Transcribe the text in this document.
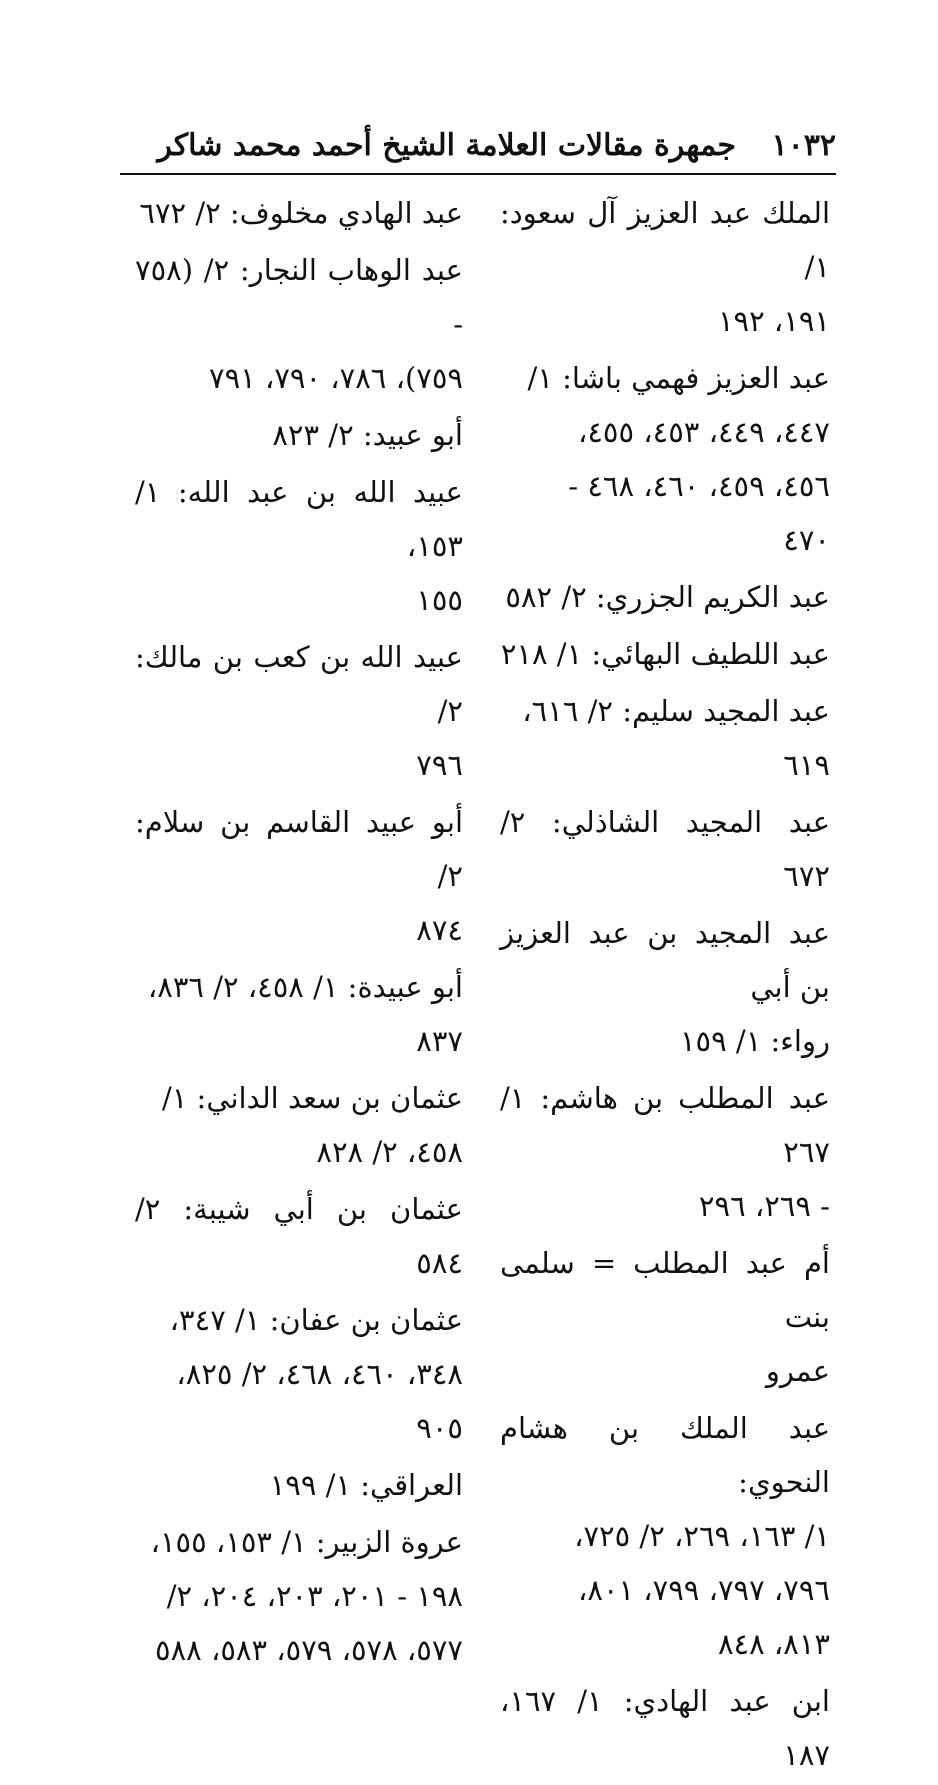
١٠٣٢
جمهرة مقالات العلامة الشيخ أحمد محمد شاكر
الملك عبد العزيز آل سعود: ١/
١٩١، ١٩٢
عبد العزيز فهمي باشا: ١/
٤٤٧، ٤٤٩، ٤٥٣، ٤٥٥،
٤٥٦، ٤٥٩، ٤٦٠، ٤٦٨ -
٤٧٠
عبد الكريم الجزري: ٢/ ٥٨٢
عبد اللطيف البهائي: ١/ ٢١٨
عبد المجيد سليم: ٢/ ٦١٦،
٦١٩
عبد المجيد الشاذلي: ٢/ ٦٧٢
عبد المجيد بن عبد العزيز بن أبي
رواء: ١/ ١٥٩
عبد المطلب بن هاشم: ١/ ٢٦٧
- ٢٦٩، ٢٩٦
أم عبد المطلب = سلمى بنت
عمرو
عبد الملك بن هشام النحوي:
١/ ١٦٣، ٢٦٩، ٢/ ٧٢٥،
٧٩٦، ٧٩٧، ٧٩٩، ٨٠١،
٨١٣، ٨٤٨
ابن عبد الهادي: ١/ ١٦٧، ١٨٧
عبد الهادي مخلوف: ٢/ ٦٧٢
عبد الوهاب النجار: ٢/ (٧٥٨ -
٧٥٩)، ٧٨٦، ٧٩٠، ٧٩١
أبو عبيد: ٢/ ٨٢٣
عبيد الله بن عبد الله: ١/ ١٥٣،
١٥٥
عبيد الله بن كعب بن مالك: ٢/
٧٩٦
أبو عبيد القاسم بن سلام: ٢/
٨٧٤
أبو عبيدة: ١/ ٤٥٨، ٢/ ٨٣٦،
٨٣٧
عثمان بن سعد الداني: ١/
٤٥٨، ٢/ ٨٢٨
عثمان بن أبي شيبة: ٢/ ٥٨٤
عثمان بن عفان: ١/ ٣٤٧،
٣٤٨، ٤٦٠، ٤٦٨، ٢/ ٨٢٥،
٩٠٥
العراقي: ١/ ١٩٩
عروة الزبير: ١/ ١٥٣، ١٥٥،
١٩٨ - ٢٠١، ٢٠٣، ٢٠٤، ٢/
٥٧٧، ٥٧٨، ٥٧٩، ٥٨٣، ٥٨٨
